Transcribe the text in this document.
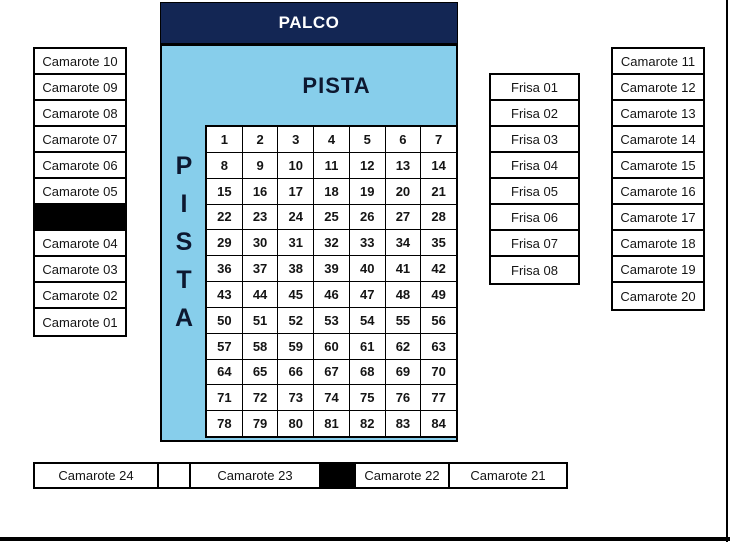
PALCO
PISTA
1	2	3	4	5	6	7
8	9	10	11	12	13	14
15	16	17	18	19	20	21
22	23	24	25	26	27	28
29	30	31	32	33	34	35
36	37	38	39	40	41	42
43	44	45	46	47	48	49
50	51	52	53	54	55	56
57	58	59	60	61	62	63
64	65	66	67	68	69	70
71	72	73	74	75	76	77
78	79	80	81	82	83	84
P
I
S
T
A
Camarote 10
Camarote 09
Camarote 08
Camarote 07
Camarote 06
Camarote 05
Camarote 04
Camarote 03
Camarote 02
Camarote 01
Frisa 01
Frisa 02
Frisa 03
Frisa 04
Frisa 05
Frisa 06
Frisa 07
Frisa 08
Camarote 11
Camarote 12
Camarote 13
Camarote 14
Camarote 15
Camarote 16
Camarote 17
Camarote 18
Camarote 19
Camarote 20
Camarote 24	Camarote 23	Camarote 22	Camarote 21
